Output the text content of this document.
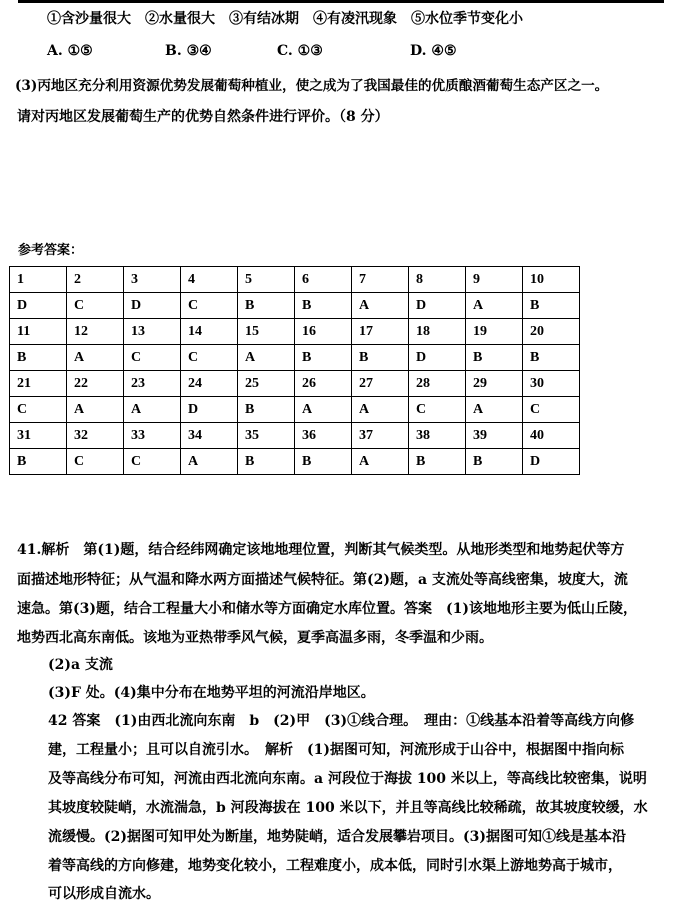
①含沙量很大　②水量很大　③有结冰期　④有凌汛现象　⑤水位季节变化小
A. ①⑤	B. ③④	C. ①③	D. ④⑤
(3)丙地区充分利用资源优势发展葡萄种植业，使之成为了我国最佳的优质酿酒葡萄生态产区之一。
请对丙地区发展葡萄生产的优势自然条件进行评价。（8 分）
参考答案：
1	2	3	4	5	6	7	8	9	10
D	C	D	C	B	B	A	D	A	B
11	12	13	14	15	16	17	18	19	20
B	A	C	C	A	B	B	D	B	B
21	22	23	24	25	26	27	28	29	30
C	A	A	D	B	A	A	C	A	C
31	32	33	34	35	36	37	38	39	40
B	C	C	A	B	B	A	B	B	D
41.解析　第(1)题，结合经纬网确定该地地理位置，判断其气候类型。从地形类型和地势起伏等方
面描述地形特征；从气温和降水两方面描述气候特征。第(2)题，a 支流处等高线密集，坡度大，流
速急。第(3)题，结合工程量大小和储水等方面确定水库位置。答案　(1)该地地形主要为低山丘陵，
地势西北高东南低。该地为亚热带季风气候，夏季高温多雨，冬季温和少雨。
(2)a 支流
(3)F 处。(4)集中分布在地势平坦的河流沿岸地区。
42 答案　(1)由西北流向东南　b　(2)甲　(3)①线合理。　理由：①线基本沿着等高线方向修
建，工程量小；且可以自流引水。　解析　(1)据图可知，河流形成于山谷中，根据图中指向标
及等高线分布可知，河流由西北流向东南。a 河段位于海拔 100 米以上，等高线比较密集，说明
其坡度较陡峭，水流湍急，b 河段海拔在 100 米以下，并且等高线比较稀疏，故其坡度较缓，水
流缓慢。(2)据图可知甲处为断崖，地势陡峭，适合发展攀岩项目。(3)据图可知①线是基本沿
着等高线的方向修建，地势变化较小，工程难度小，成本低，同时引水渠上游地势高于城市，
可以形成自流水。
